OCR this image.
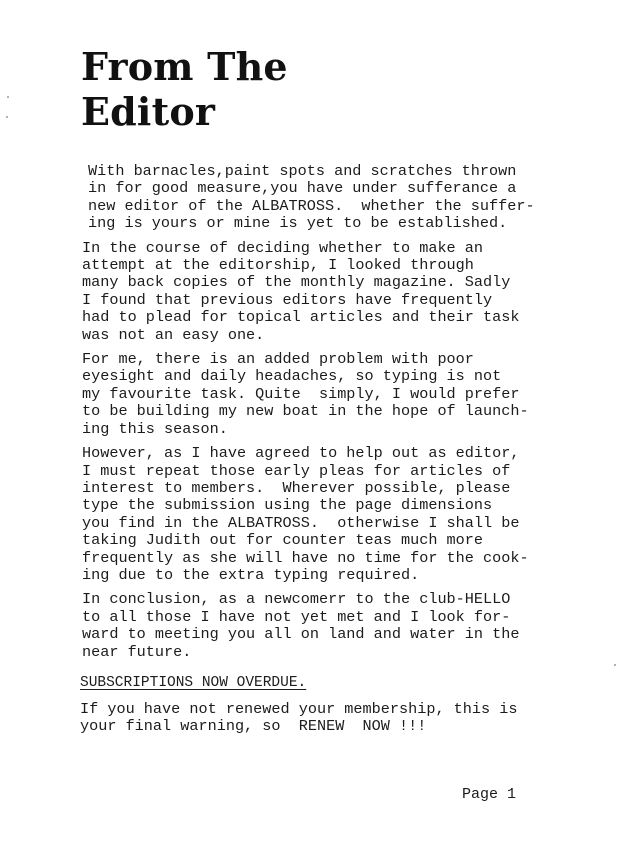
From The
Editor
With barnacles,paint spots and scratches thrown
in for good measure,you have under sufferance a
new editor of the ALBATROSS.  whether the suffer-
ing is yours or mine is yet to be established.
In the course of deciding whether to make an
attempt at the editorship, I looked through
many back copies of the monthly magazine. Sadly
I found that previous editors have frequently
had to plead for topical articles and their task
was not an easy one.
For me, there is an added problem with poor
eyesight and daily headaches, so typing is not
my favourite task. Quite  simply, I would prefer
to be building my new boat in the hope of launch-
ing this season.
However, as I have agreed to help out as editor,
I must repeat those early pleas for articles of
interest to members.  Wherever possible, please
type the submission using the page dimensions
you find in the ALBATROSS.  otherwise I shall be
taking Judith out for counter teas much more
frequently as she will have no time for the cook-
ing due to the extra typing required.
In conclusion, as a newcomerr to the club-HELLO
to all those I have not yet met and I look for-
ward to meeting you all on land and water in the
near future.
SUBSCRIPTIONS NOW OVERDUE.
If you have not renewed your membership, this is
your final warning, so  RENEW  NOW !!!
Page 1
